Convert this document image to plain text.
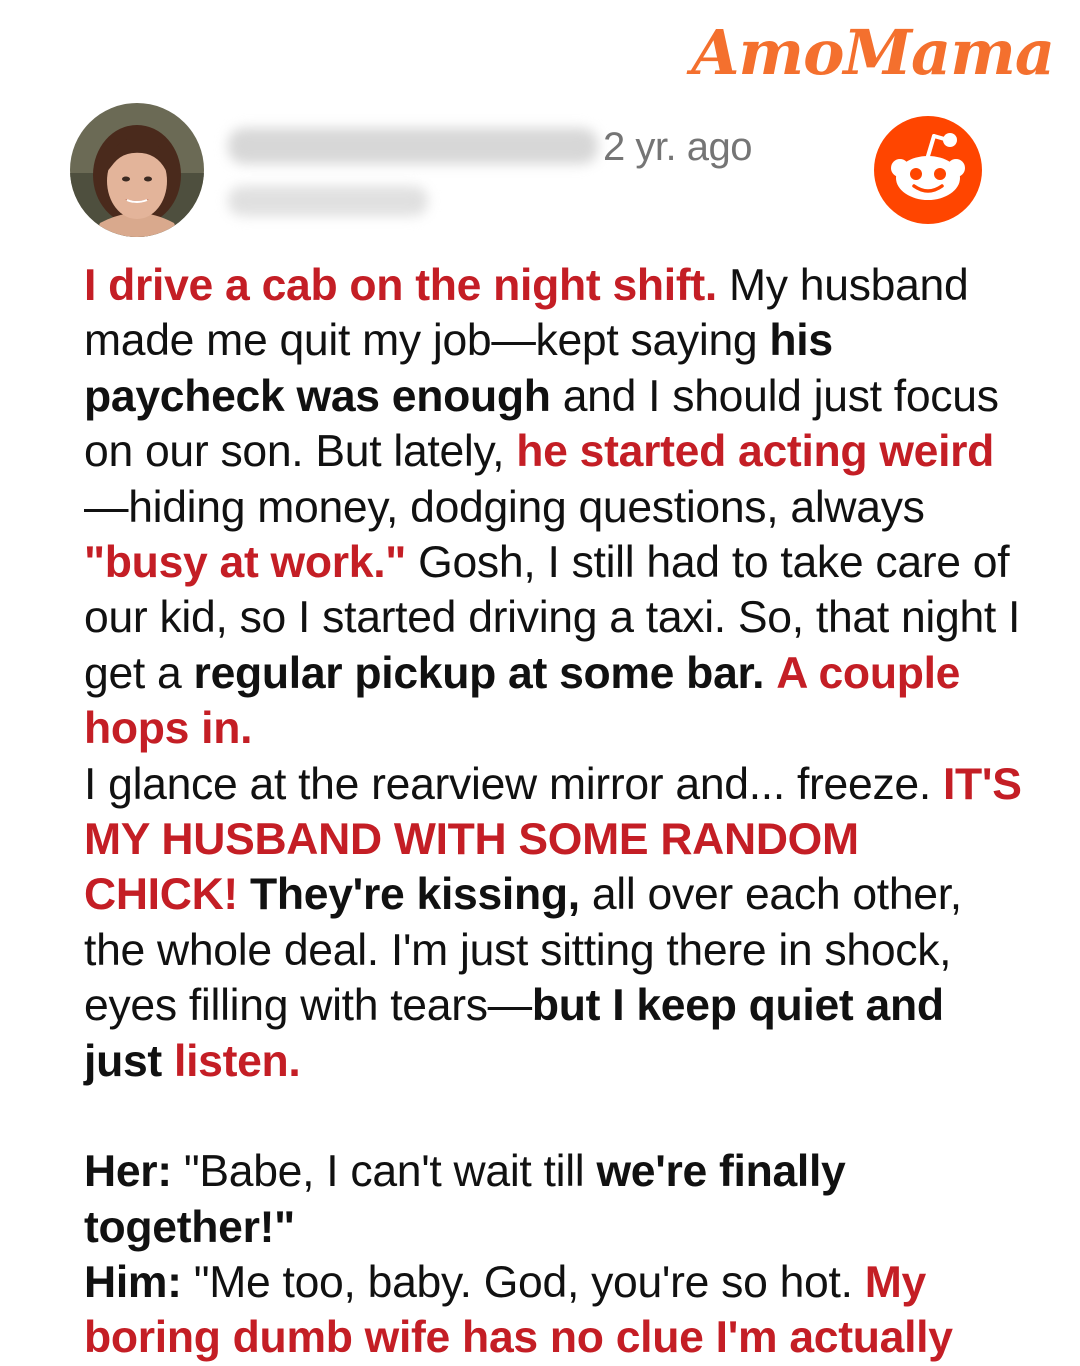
AmoMama
2 yr. ago

I drive a cab on the night shift. My husband made me quit my job—kept saying his paycheck was enough and I should just focus on our son. But lately, he started acting weird—hiding money, dodging questions, always "busy at work." Gosh, I still had to take care of our kid, so I started driving a taxi. So, that night I get a regular pickup at some bar. A couple hops in.
I glance at the rearview mirror and... freeze. IT'S MY HUSBAND WITH SOME RANDOM CHICK! They're kissing, all over each other, the whole deal. I'm just sitting there in shock, eyes filling with tears—but I keep quiet and just listen.

Her: "Babe, I can't wait till we're finally together!"
Him: "Me too, baby. God, you're so hot. My boring dumb wife has no clue I'm actually
